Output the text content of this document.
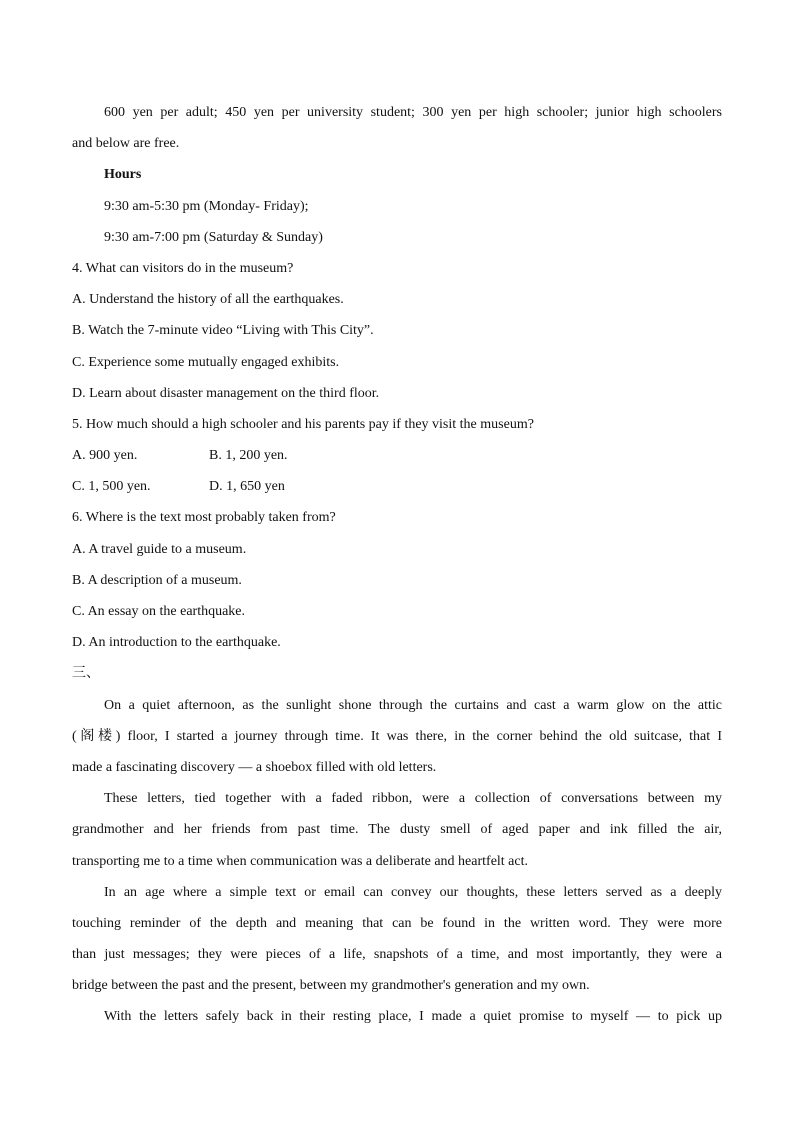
600 yen per adult; 450 yen per university student; 300 yen per high schooler; junior high schoolers
and below are free.
Hours
9:30 am-5:30 pm (Monday- Friday);
9:30 am-7:00 pm (Saturday & Sunday)
4. What can visitors do in the museum?
A. Understand the history of all the earthquakes.
B. Watch the 7-minute video “Living with This City”.
C. Experience some mutually engaged exhibits.
D. Learn about disaster management on the third floor.
5. How much should a high schooler and his parents pay if they visit the museum?
A. 900 yen.	B. 1, 200 yen.
C. 1, 500 yen.	D. 1, 650 yen
6. Where is the text most probably taken from?
A. A travel guide to a museum.
B. A description of a museum.
C. An essay on the earthquake.
D. An introduction to the earthquake.
三、
On a quiet afternoon, as the sunlight shone through the curtains and cast a warm glow on the attic
(阁楼) floor, I started a journey through time. It was there, in the corner behind the old suitcase, that I
made a fascinating discovery — a shoebox filled with old letters.
These letters, tied together with a faded ribbon, were a collection of conversations between my
grandmother and her friends from past time. The dusty smell of aged paper and ink filled the air,
transporting me to a time when communication was a deliberate and heartfelt act.
In an age where a simple text or email can convey our thoughts, these letters served as a deeply
touching reminder of the depth and meaning that can be found in the written word. They were more
than just messages; they were pieces of a life, snapshots of a time, and most importantly, they were a
bridge between the past and the present, between my grandmother's generation and my own.
With the letters safely back in their resting place, I made a quiet promise to myself — to pick up
